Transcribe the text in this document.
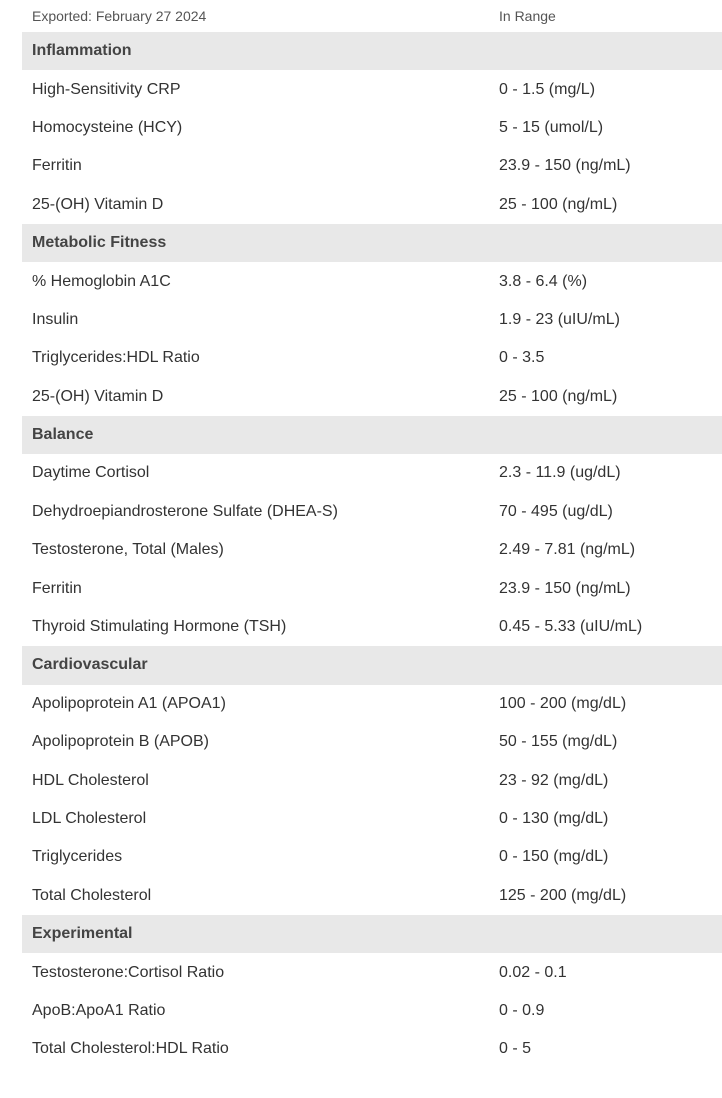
Exported: February 27 2024	In Range
Inflammation
High-Sensitivity CRP	0 - 1.5 (mg/L)
Homocysteine (HCY)	5 - 15 (umol/L)
Ferritin	23.9 - 150 (ng/mL)
25-(OH) Vitamin D	25 - 100 (ng/mL)
Metabolic Fitness
% Hemoglobin A1C	3.8 - 6.4 (%)
Insulin	1.9 - 23 (uIU/mL)
Triglycerides:HDL Ratio	0 - 3.5
25-(OH) Vitamin D	25 - 100 (ng/mL)
Balance
Daytime Cortisol	2.3 - 11.9 (ug/dL)
Dehydroepiandrosterone Sulfate (DHEA-S)	70 - 495 (ug/dL)
Testosterone, Total (Males)	2.49 - 7.81 (ng/mL)
Ferritin	23.9 - 150 (ng/mL)
Thyroid Stimulating Hormone (TSH)	0.45 - 5.33 (uIU/mL)
Cardiovascular
Apolipoprotein A1 (APOA1)	100 - 200 (mg/dL)
Apolipoprotein B (APOB)	50 - 155 (mg/dL)
HDL Cholesterol	23 - 92 (mg/dL)
LDL Cholesterol	0 - 130 (mg/dL)
Triglycerides	0 - 150 (mg/dL)
Total Cholesterol	125 - 200 (mg/dL)
Experimental
Testosterone:Cortisol Ratio	0.02 - 0.1
ApoB:ApoA1 Ratio	0 - 0.9
Total Cholesterol:HDL Ratio	0 - 5
